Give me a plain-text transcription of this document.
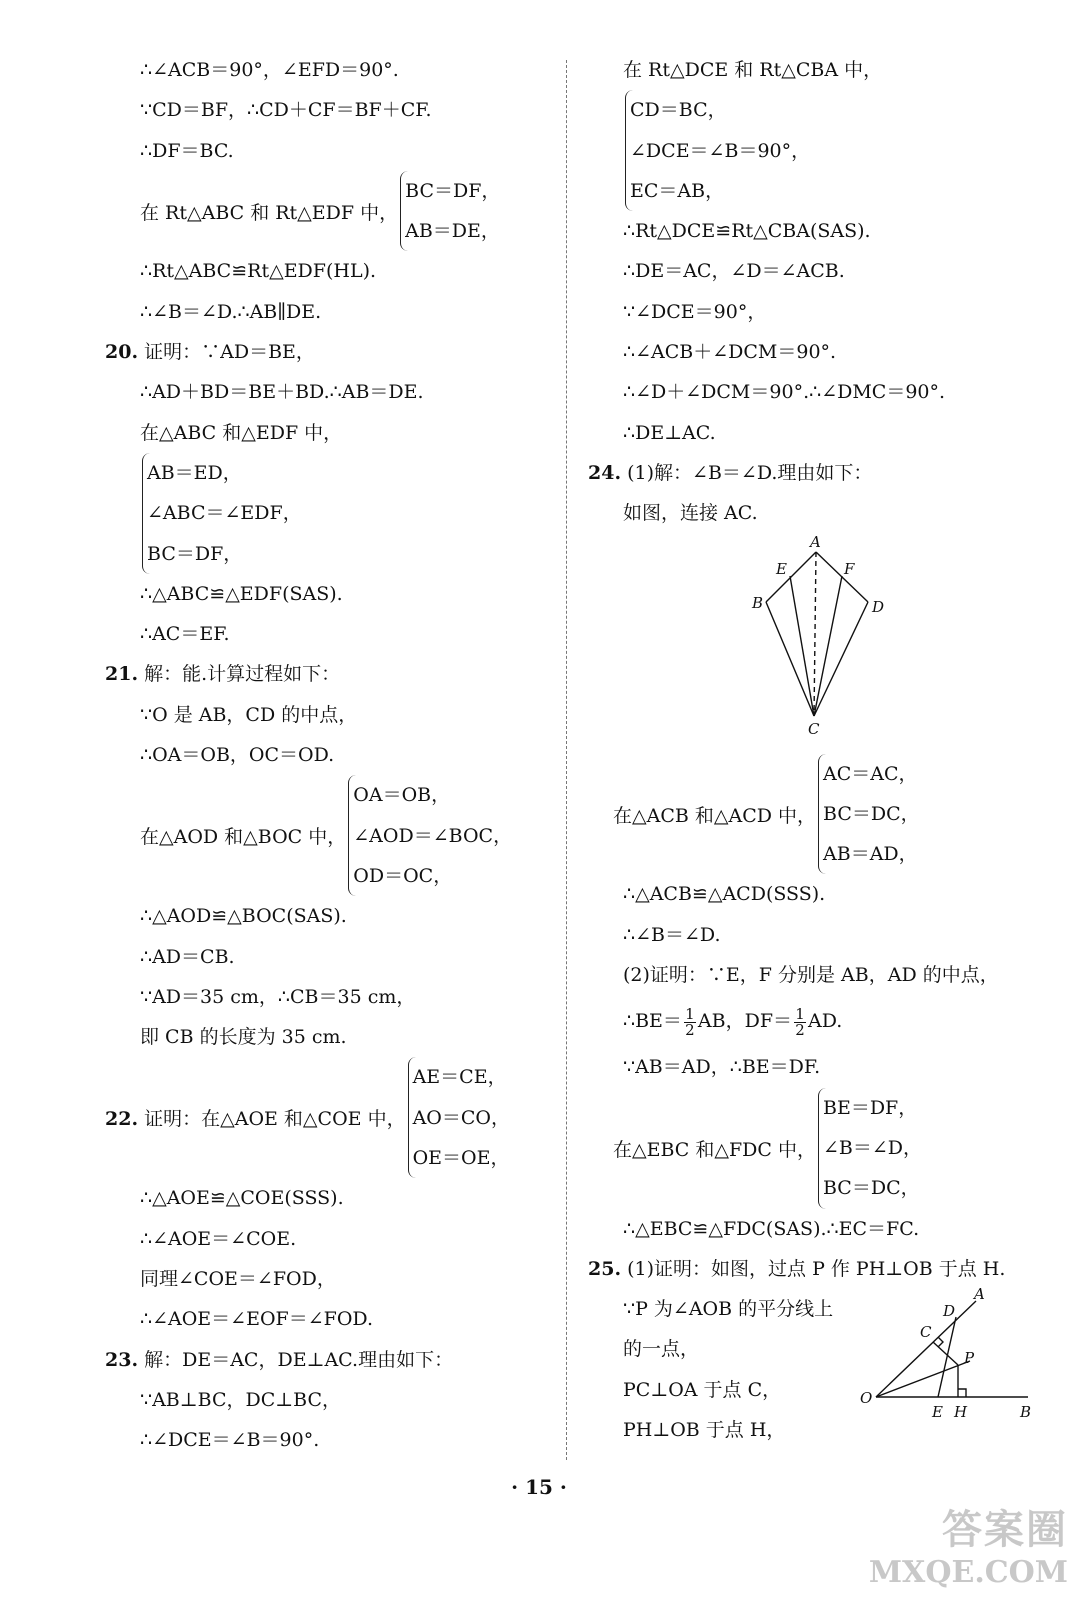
∴∠ACB＝90°，∠EFD＝90°.
∵CD＝BF，∴CD＋CF＝BF＋CF.
∴DF＝BC.
在 Rt△ABC 和 Rt△EDF 中，
BC＝DF，
AB＝DE，
∴Rt△ABC≌Rt△EDF(HL).
∴∠B＝∠D.∴AB∥DE.
20. 证明：∵AD＝BE，
∴AD＋BD＝BE＋BD.∴AB＝DE.
在△ABC 和△EDF 中，
AB＝ED，
∠ABC＝∠EDF，
BC＝DF，
∴△ABC≌△EDF(SAS).
∴AC＝EF.
21. 解：能.计算过程如下：
∵O 是 AB，CD 的中点，
∴OA＝OB，OC＝OD.
在△AOD 和△BOC 中，
OA＝OB，
∠AOD＝∠BOC，
OD＝OC，
∴△AOD≌△BOC(SAS).
∴AD＝CB.
∵AD＝35 cm，∴CB＝35 cm，
即 CB 的长度为 35 cm.
22. 证明：在△AOE 和△COE 中，
AE＝CE，
AO＝CO，
OE＝OE，
∴△AOE≌△COE(SSS).
∴∠AOE＝∠COE.
同理∠COE＝∠FOD，
∴∠AOE＝∠EOF＝∠FOD.
23. 解：DE＝AC，DE⊥AC.理由如下：
∵AB⊥BC，DC⊥BC，
∴∠DCE＝∠B＝90°.
在 Rt△DCE 和 Rt△CBA 中，
CD＝BC，
∠DCE＝∠B＝90°，
EC＝AB，
∴Rt△DCE≌Rt△CBA(SAS).
∴DE＝AC，∠D＝∠ACB.
∵∠DCE＝90°，
∴∠ACB＋∠DCM＝90°.
∴∠D＋∠DCM＝90°.∴∠DMC＝90°.
∴DE⊥AC.
24. (1)解：∠B＝∠D.理由如下：
如图，连接 AC.
A
E	F
B	D
C
在△ACB 和△ACD 中，
AC＝AC，
BC＝DC，
AB＝AD，
∴△ACB≌△ACD(SSS).
∴∠B＝∠D.
(2)证明：∵E，F 分别是 AB，AD 的中点，
∴BE＝ $\frac{1}{2}$ AB，$DF= \frac{1}{2}$ AD.
∵AB＝AD，∴BE＝DF.
在△EBC 和△FDC 中，
BE＝DF，
∠B＝∠D，
BC＝DC，
∴△EBC≌△FDC(SAS).∴EC＝FC.
25. (1)证明：如图，过点 P 作 PH⊥OB 于点 H.
∵P 为∠AOB 的平分线上
的一点，
PC⊥OA 于点 C，
PH⊥OB 于点 H，
O
A
D
C
P
E H	B
· 15 ·
答案圈
MXQE.COM
